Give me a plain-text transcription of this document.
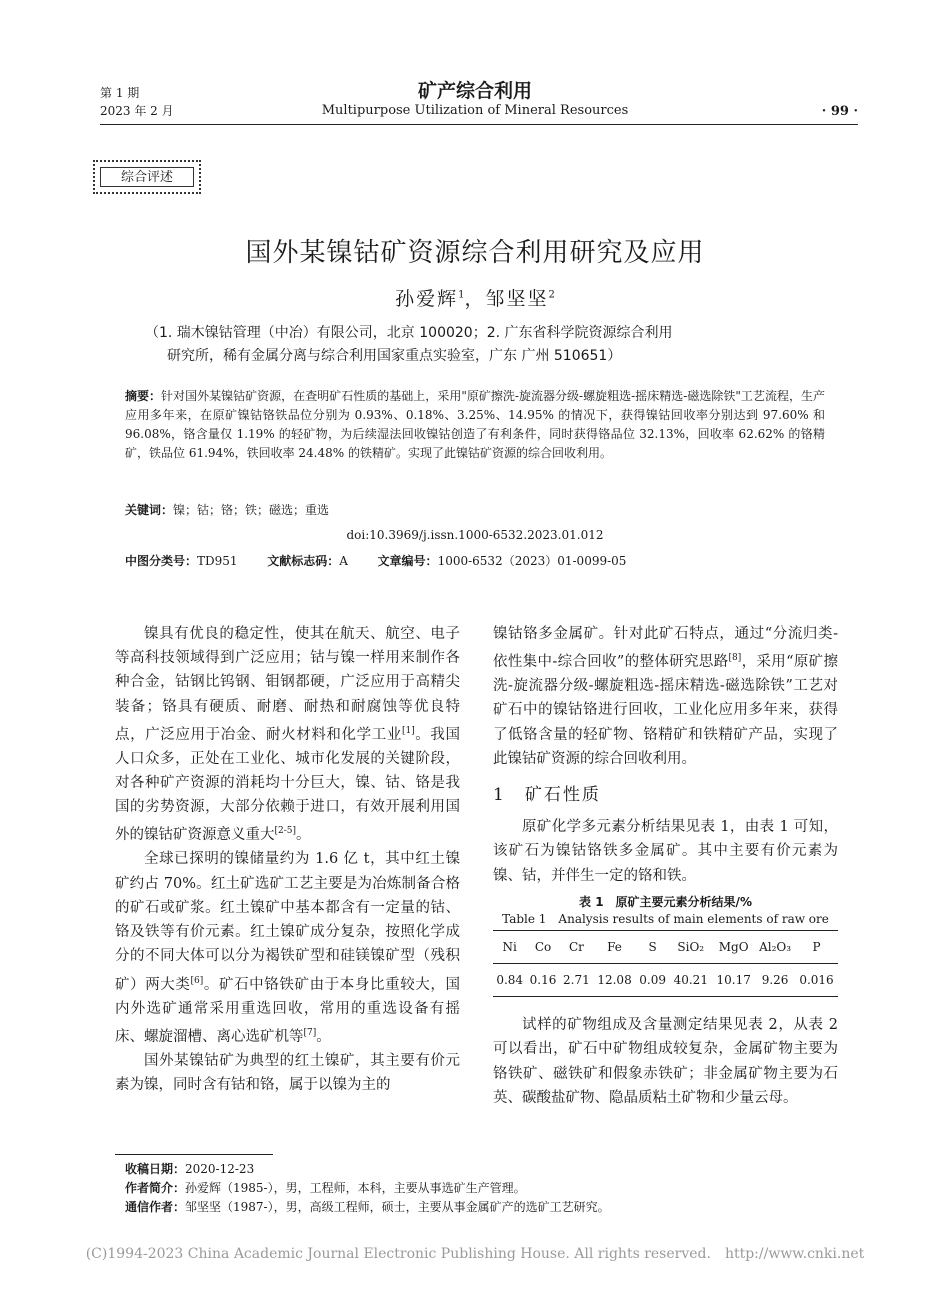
第 1 期
2023 年 2 月
矿产综合利用
Multipurpose Utilization of Mineral Resources	· 99 ·
综合评述
国外某镍钴矿资源综合利用研究及应用
孙爱辉$^1$，邹坚坚$^2$
（1. 瑞木镍钴管理（中冶）有限公司，北京 100020；2. 广东省科学院资源综合利用
研究所，稀有金属分离与综合利用国家重点实验室，广东 广州 510651）
摘要：针对国外某镍钴矿资源，在查明矿石性质的基础上，采用"原矿擦洗-旋流器分级-螺旋粗选-摇床精选-磁选除铁"工艺流程，生产应用多年来，在原矿镍钴铬铁品位分别为 0.93%、0.18%、3.25%、14.95% 的情况下，获得镍钴回收率分别达到 97.60% 和 96.08%，铬含量仅 1.19% 的轻矿物，为后续湿法回收镍钴创造了有利条件，同时获得铬品位 32.13%，回收率 62.62% 的铬精矿，铁品位 61.94%，铁回收率 24.48% 的铁精矿。实现了此镍钴矿资源的综合回收利用。
关键词：镍；钴；铬；铁；磁选；重选
doi:10.3969/j.issn.1000-6532.2023.01.012
中图分类号：TD951 文献标志码：A 文章编号：1000-6532（2023）01-0099-05

镍具有优良的稳定性，使其在航天、航空、电子等高科技领域得到广泛应用；钴与镍一样用来制作各种合金，钴钢比钨钢、钼钢都硬，广泛应用于高精尖装备；铬具有硬质、耐磨、耐热和耐腐蚀等优良特点，广泛应用于冶金、耐火材料和化学工业[1]。我国人口众多，正处在工业化、城市化发展的关键阶段，对各种矿产资源的消耗均十分巨大，镍、钴、铬是我国的劣势资源，大部分依赖于进口，有效开展利用国外的镍钴矿资源意义重大[2-5]。

全球已探明的镍储量约为 1.6 亿 t，其中红土镍矿约占 70%。红土矿选矿工艺主要是为冶炼制备合格的矿石或矿浆。红土镍矿中基本都含有一定量的钴、铬及铁等有价元素。红土镍矿成分复杂，按照化学成分的不同大体可以分为褐铁矿型和硅镁镍矿型（残积矿）两大类[6]。矿石中铬铁矿由于本身比重较大，国内外选矿通常采用重选回收，常用的重选设备有摇床、螺旋溜槽、离心选矿机等[7]。

国外某镍钴矿为典型的红土镍矿，其主要有价元素为镍，同时含有钴和铬，属于以镍为主的

镍钴铬多金属矿。针对此矿石特点，通过“分流归类-依性集中-综合回收”的整体研究思路[8]，采用“原矿擦洗-旋流器分级-螺旋粗选-摇床精选-磁选除铁”工艺对矿石中的镍钴铬进行回收，工业化应用多年来，获得了低铬含量的轻矿物、铬精矿和铁精矿产品，实现了此镍钴矿资源的综合回收利用。

1　矿石性质

原矿化学多元素分析结果见表 1，由表 1 可知，该矿石为镍钴铬铁多金属矿。其中主要有价元素为镍、钴，并伴生一定的铬和铁。

表 1　原矿主要元素分析结果/%
Table 1　Analysis results of main elements of raw ore
Ni	Co	Cr	Fe	S	SiO₂	MgO	Al₂O₃	P
0.84	0.16	2.71	12.08	0.09	40.21	10.17	9.26	0.016

试样的矿物组成及含量测定结果见表 2，从表 2 可以看出，矿石中矿物组成较复杂，金属矿物主要为铬铁矿、磁铁矿和假象赤铁矿；非金属矿物主要为石英、碳酸盐矿物、隐晶质粘土矿物和少量云母。

收稿日期：2020-12-23
作者简介：孙爱辉（1985-），男，工程师，本科，主要从事选矿生产管理。
通信作者：邹坚坚（1987-），男，高级工程师，硕士，主要从事金属矿产的选矿工艺研究。
(C)1994-2023 China Academic Journal Electronic Publishing House. All rights reserved.　http://www.cnki.net
